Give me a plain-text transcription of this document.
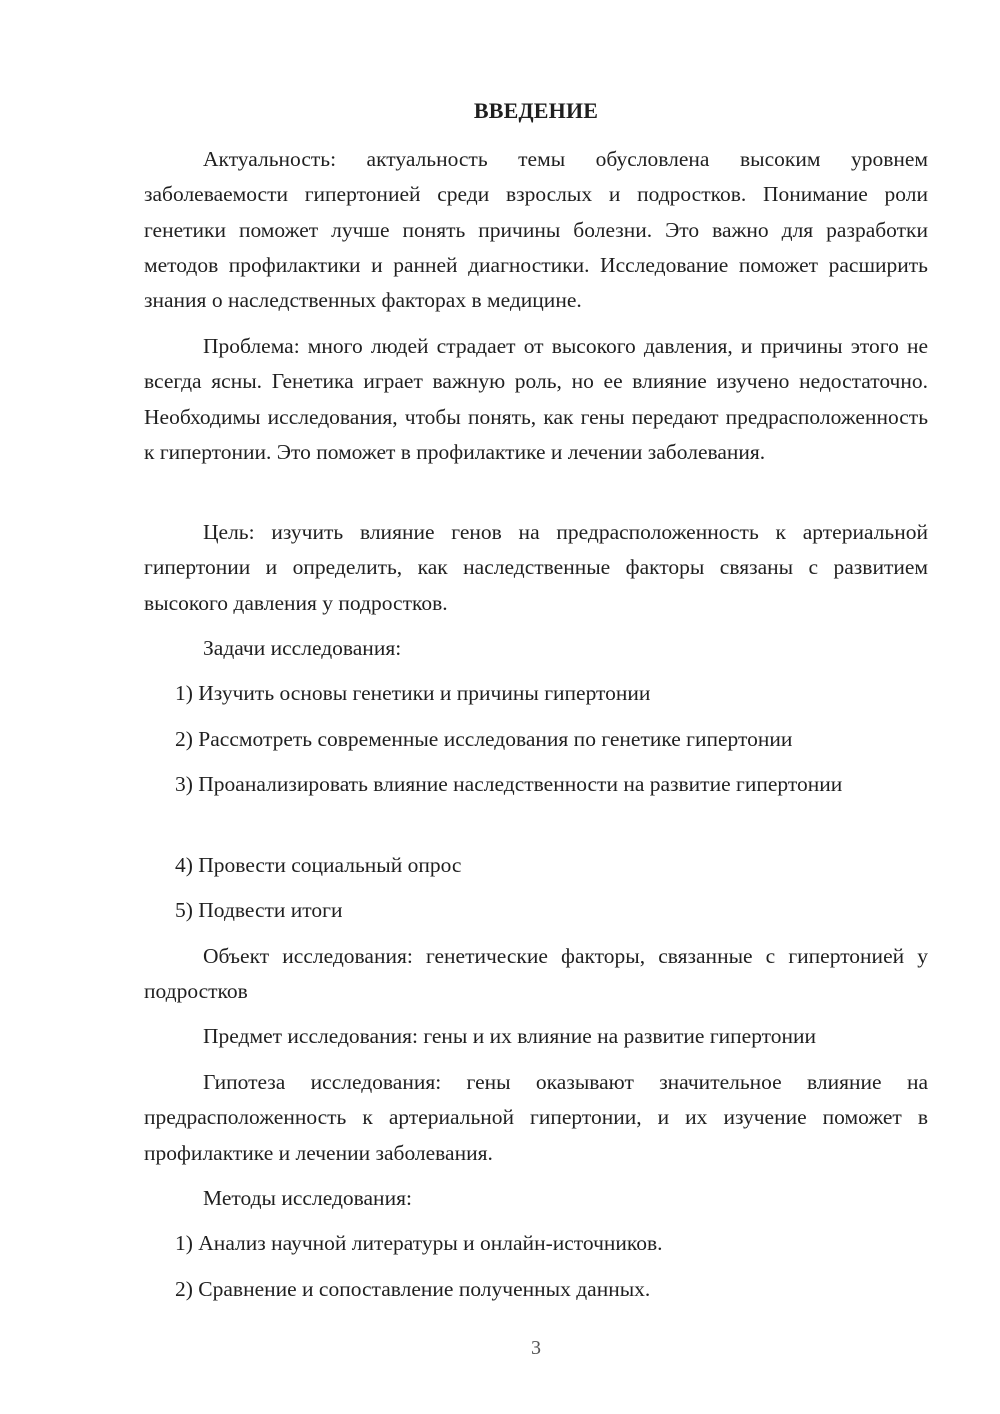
ВВЕДЕНИЕ

Актуальность: актуальность темы обусловлена высоким уровнем заболеваемости гипертонией среди взрослых и подростков. Понимание роли генетики поможет лучше понять причины болезни. Это важно для разработки методов профилактики и ранней диагностики. Исследование поможет расширить знания о наследственных факторах в медицине.

Проблема: много людей страдает от высокого давления, и причины этого не всегда ясны. Генетика играет важную роль, но ее влияние изучено недостаточно. Необходимы исследования, чтобы понять, как гены передают предрасположенность к гипертонии. Это поможет в профилактике и лечении заболевания.

Цель: изучить влияние генов на предрасположенность к артериальной гипертонии и определить, как наследственные факторы связаны с развитием высокого давления у подростков.

Задачи исследования:

1) Изучить основы генетики и причины гипертонии

2) Рассмотреть современные исследования по генетике гипертонии

3) Проанализировать влияние наследственности на развитие гипертонии

4) Провести социальный опрос

5) Подвести итоги

Объект исследования: генетические факторы, связанные с гипертонией у подростков

Предмет исследования: гены и их влияние на развитие гипертонии

Гипотеза исследования: гены оказывают значительное влияние на предрасположенность к артериальной гипертонии, и их изучение поможет в профилактике и лечении заболевания.

Методы исследования:

1) Анализ научной литературы и онлайн-источников.

2) Сравнение и сопоставление полученных данных.

3
